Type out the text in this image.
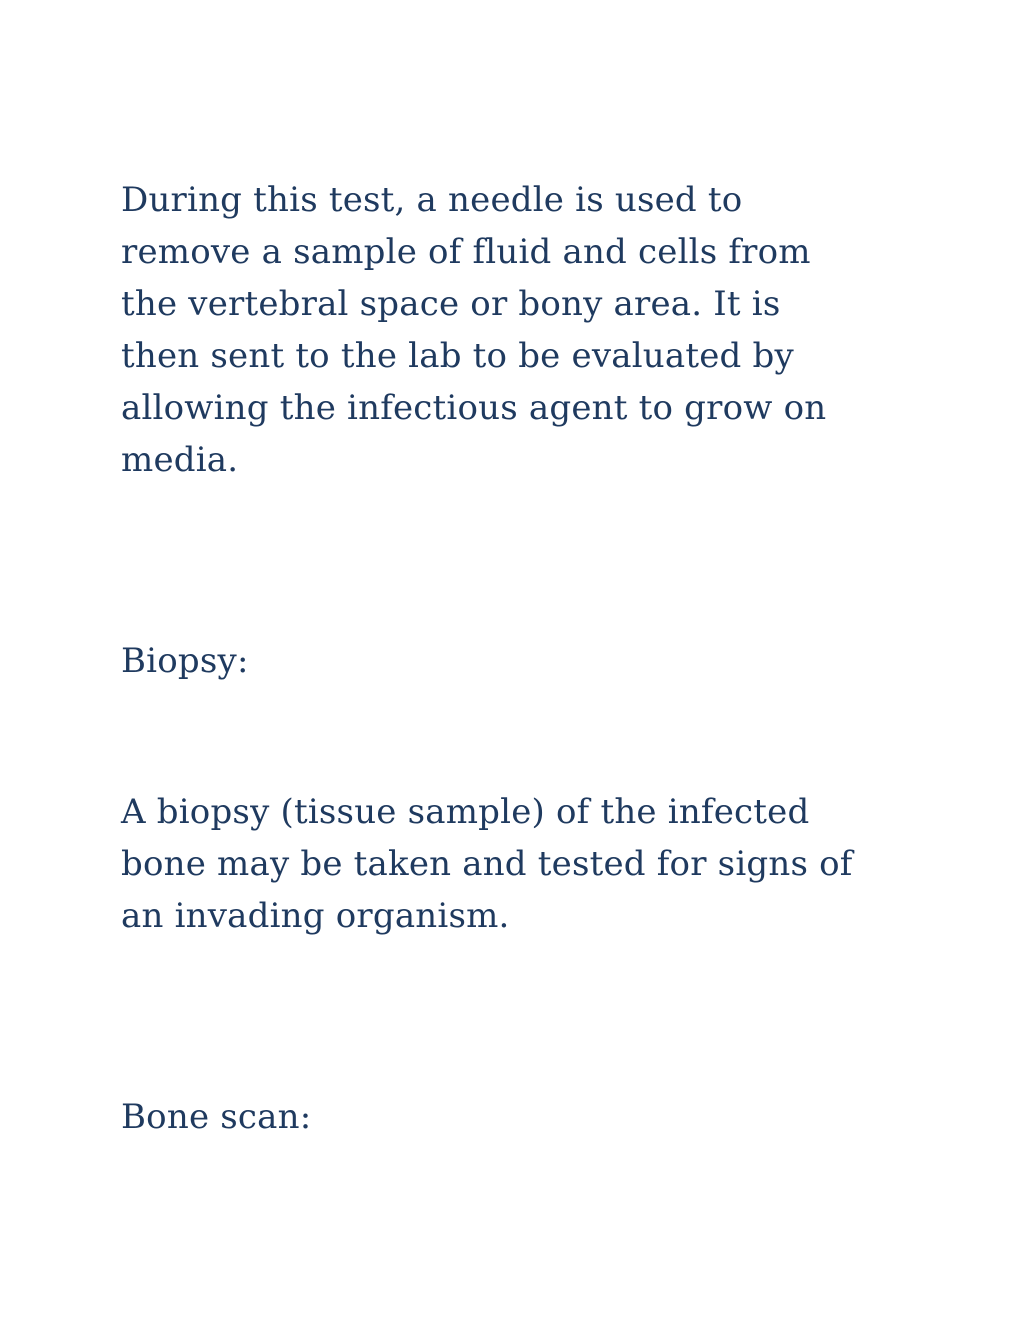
During this test, a needle is used to
remove a sample of fluid and cells from
the vertebral space or bony area. It is
then sent to the lab to be evaluated by
allowing the infectious agent to grow on
media.

Biopsy:

A biopsy (tissue sample) of the infected
bone may be taken and tested for signs of
an invading organism.

Bone scan:
